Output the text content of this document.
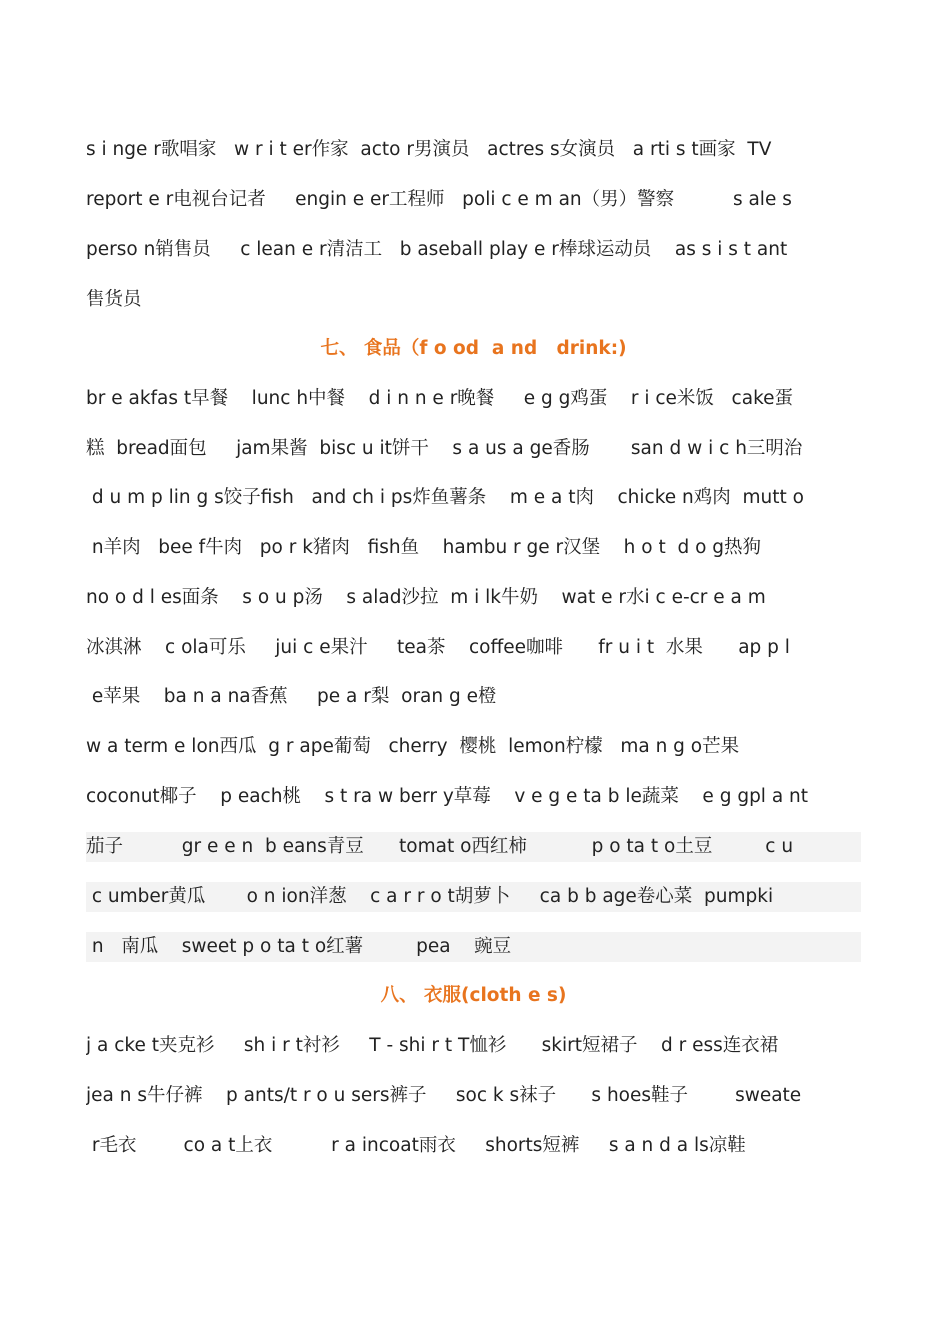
s i nge r歌唱家   w r i t er作家  acto r男演员   actres s女演员   a rti s t画家  TV
report e r电视台记者     engin e er工程师   poli c e m an（男）警察          s ale s
perso n销售员     c lean e r清洁工   b aseball play e r棒球运动员    as s i s t ant
售货员
七、 食品（f o od  a nd   drink:)
br e akfas t早餐    lunc h中餐    d i n n e r晚餐     e g g鸡蛋    r i ce米饭   cake蛋
糕  bread面包     jam果酱  bisc u it饼干    s a us a ge香肠       san d w i c h三明治
d u m p lin g s饺子fish   and ch i ps炸鱼薯条    m e a t肉    chicke n鸡肉  mutt o
n羊肉   bee f牛肉   po r k猪肉   fish鱼    hambu r ge r汉堡    h o t  d o g热狗
no o d l es面条    s o u p汤    s alad沙拉  m i lk牛奶    wat e r水i c e-cr e a m
冰淇淋    c ola可乐     jui c e果汁     tea茶    coffee咖啡      fr u i t  水果      ap p l
e苹果    ba n a na香蕉     pe a r梨  oran g e橙
w a term e lon西瓜  g r ape葡萄   cherry  樱桃  lemon柠檬   ma n g o芒果
coconut椰子    p each桃    s t ra w berr y草莓    v e g e ta b le蔬菜    e g gpl a nt
茄子          gr e e n  b eans青豆      tomat o西红柿           p o ta t o土豆         c u
c umber黄瓜       o n ion洋葱    c a r r o t胡萝卜     ca b b age卷心菜  pumpki
n   南瓜    sweet p o ta t o红薯         pea    豌豆
八、 衣服(cloth e s)
j a cke t夹克衫     sh i r t衬衫     T - shi r t T恤衫      skirt短裙子    d r ess连衣裙
jea n s牛仔裤    p ants/t r o u sers裤子     soc k s袜子      s hoes鞋子        sweate
r毛衣        co a t上衣          r a incoat雨衣     shorts短裤     s a n d a ls凉鞋
